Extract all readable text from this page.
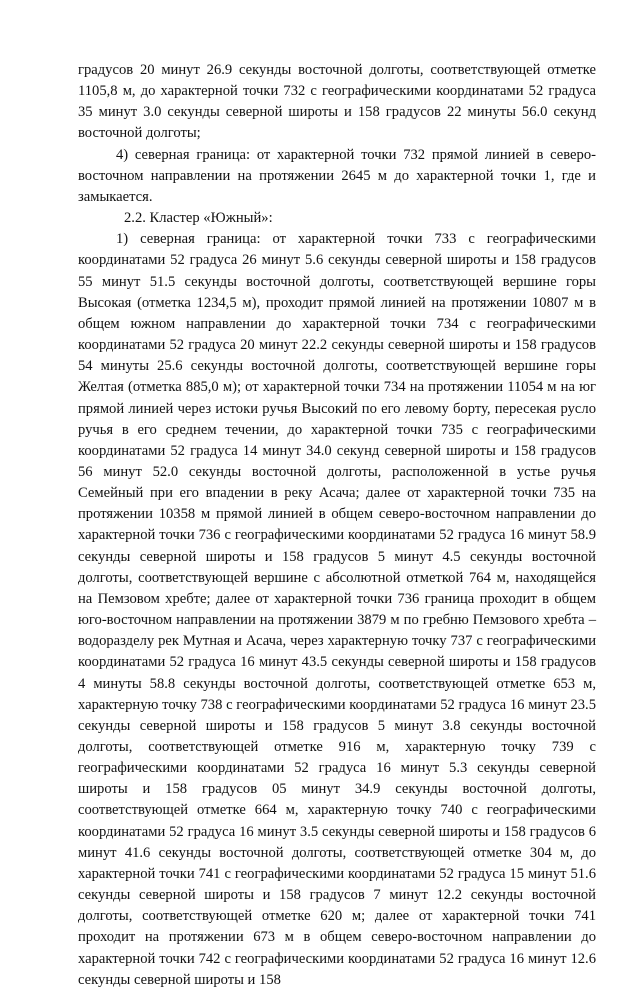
градусов 20 минут 26.9 секунды восточной долготы, соответствующей отметке 1105,8 м, до характерной точки 732 с географическими координатами 52 градуса 35 минут 3.0 секунды северной широты и 158 градусов 22 минуты 56.0 секунд восточной долготы;

4) северная граница: от характерной точки 732 прямой линией в северо-восточном направлении на протяжении 2645 м до характерной точки 1, где и замыкается.

2.2. Кластер «Южный»:

1) северная граница: от характерной точки 733 с географическими координатами 52 градуса 26 минут 5.6 секунды северной широты и 158 градусов 55 минут 51.5 секунды восточной долготы, соответствующей вершине горы Высокая (отметка 1234,5 м), проходит прямой линией на протяжении 10807 м в общем южном направлении до характерной точки 734 с географическими координатами 52 градуса 20 минут 22.2 секунды северной широты и 158 градусов 54 минуты 25.6 секунды восточной долготы, соответствующей вершине горы Желтая (отметка 885,0 м); от характерной точки 734 на протяжении 11054 м на юг прямой линией через истоки ручья Высокий по его левому борту, пересекая русло ручья в его среднем течении, до характерной точки 735 с географическими координатами 52 градуса 14 минут 34.0 секунд северной широты и 158 градусов 56 минут 52.0 секунды восточной долготы, расположенной в устье ручья Семейный при его впадении в реку Асача; далее от характерной точки 735 на протяжении 10358 м прямой линией в общем северо-восточном направлении до характерной точки 736 с географическими координатами 52 градуса 16 минут 58.9 секунды северной широты и 158 градусов 5 минут 4.5 секунды восточной долготы, соответствующей вершине с абсолютной отметкой 764 м, находящейся на Пемзовом хребте; далее от характерной точки 736 граница проходит в общем юго-восточном направлении на протяжении 3879 м по гребню Пемзового хребта – водоразделу рек Мутная и Асача, через характерную точку 737 с географическими координатами 52 градуса 16 минут 43.5 секунды северной широты и 158 градусов 4 минуты 58.8 секунды восточной долготы, соответствующей отметке 653 м, характерную точку 738 с географическими координатами 52 градуса 16 минут 23.5 секунды северной широты и 158 градусов 5 минут 3.8 секунды восточной долготы, соответствующей отметке 916 м, характерную точку 739 с географическими координатами 52 градуса 16 минут 5.3 секунды северной широты и 158 градусов 05 минут 34.9 секунды восточной долготы, соответствующей отметке 664 м, характерную точку 740 с географическими координатами 52 градуса 16 минут 3.5 секунды северной широты и 158 градусов 6 минут 41.6 секунды восточной долготы, соответствующей отметке 304 м, до характерной точки 741 с географическими координатами 52 градуса 15 минут 51.6 секунды северной широты и 158 градусов 7 минут 12.2 секунды восточной долготы, соответствующей отметке 620 м; далее от характерной точки 741 проходит на протяжении 673 м в общем северо-восточном направлении до характерной точки 742 с географическими координатами 52 градуса 16 минут 12.6 секунды северной широты и 158
